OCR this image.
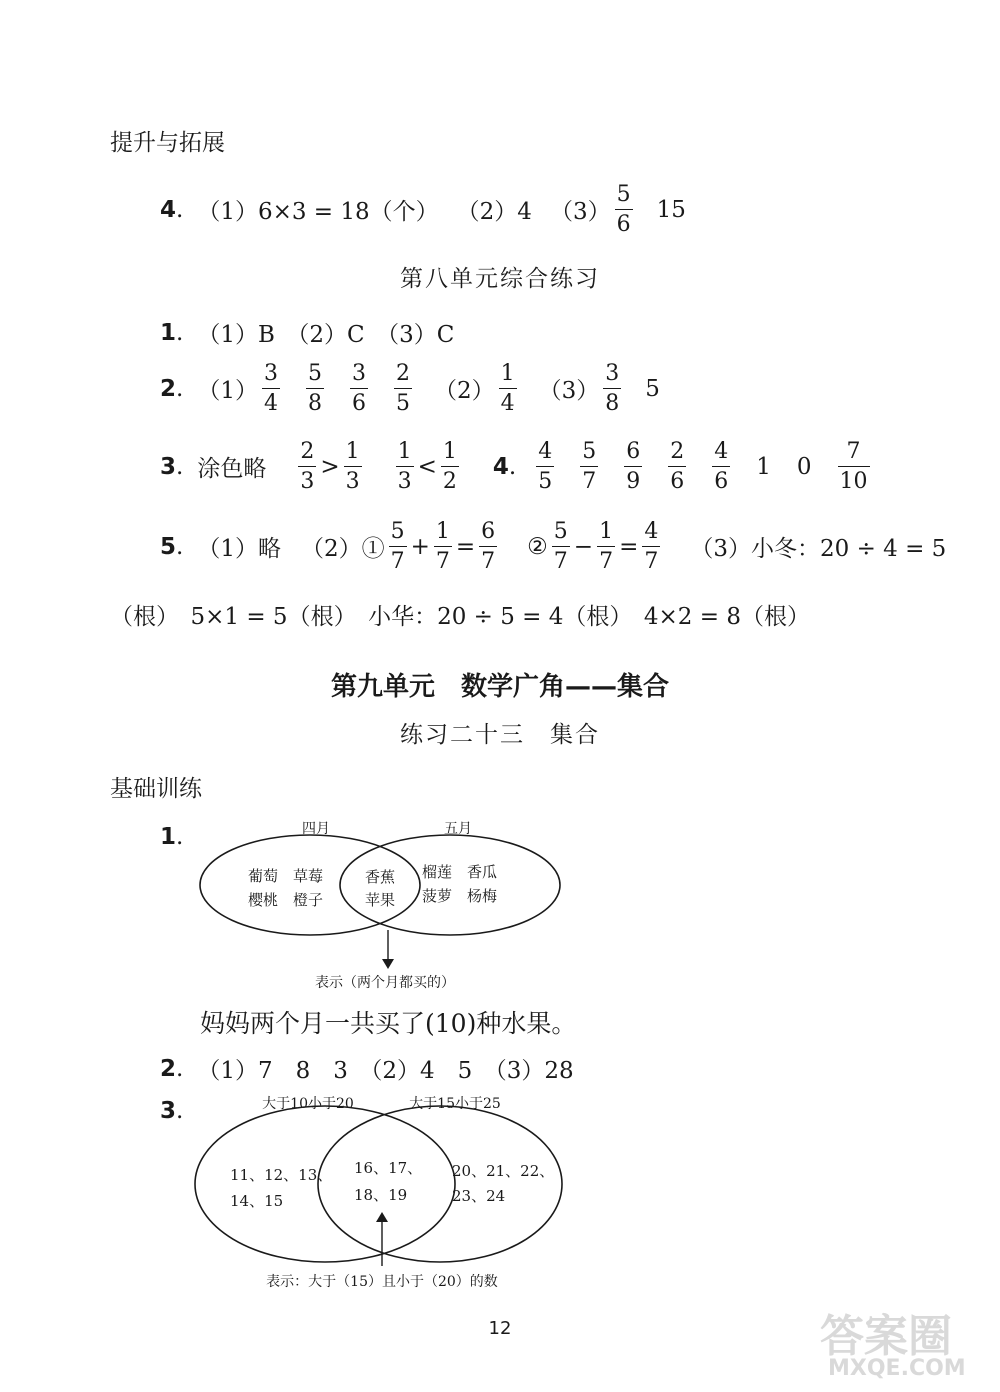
提升与拓展
4 . （1）6×3 = 18（个） （2）4 $(3) \frac{5}{6} 15$
第八单元综合练习
1 . （1）B　（2）C　（3）C
2 . $(1) \frac{3}{4} \frac{5}{8} \frac{3}{6} \frac{2}{5} (2) \frac{1}{4} (3) \frac{3}{8} 5$
3 . 涂色略 $\frac{2}{3} > \frac{1}{3} \frac{1}{3} < \frac{1}{2} 4$ . $\frac{4}{5} \frac{5}{7} \frac{6}{9} \frac{2}{6} \frac{4}{6} 1$ $0 \frac{7}{10}$
5 . （1）略 （2）① $\frac{5}{7} + \frac{1}{7} = \frac{6}{7}$ ② $\frac{5}{7} - \frac{1}{7} = \frac{4}{7} (3)$小冬：20 ÷ 4 = 5
（根）　5×1 = 5（根）　小华：20 ÷ 5 = 4（根）　4×2 = 8（根）
第九单元　数学广角——集合
练习二十三　集合
基础训练
1 .	四月	五月
葡萄　草莓
樱桃　橙子
香蕉
苹果
榴莲　香瓜
菠萝　杨梅
表示（两个月都买的）
妈妈两个月一共买了(10)种水果。
2 . （1）7　8　3　（2）4　5　（3）28
3 .	大于10小于20	大于15小于25
11、12、13、
14、15
16、17、
18、19
20、21、22、
23、24
表示：大于（15）且小于（20）的数
12	答案圈
MXQE.COM
